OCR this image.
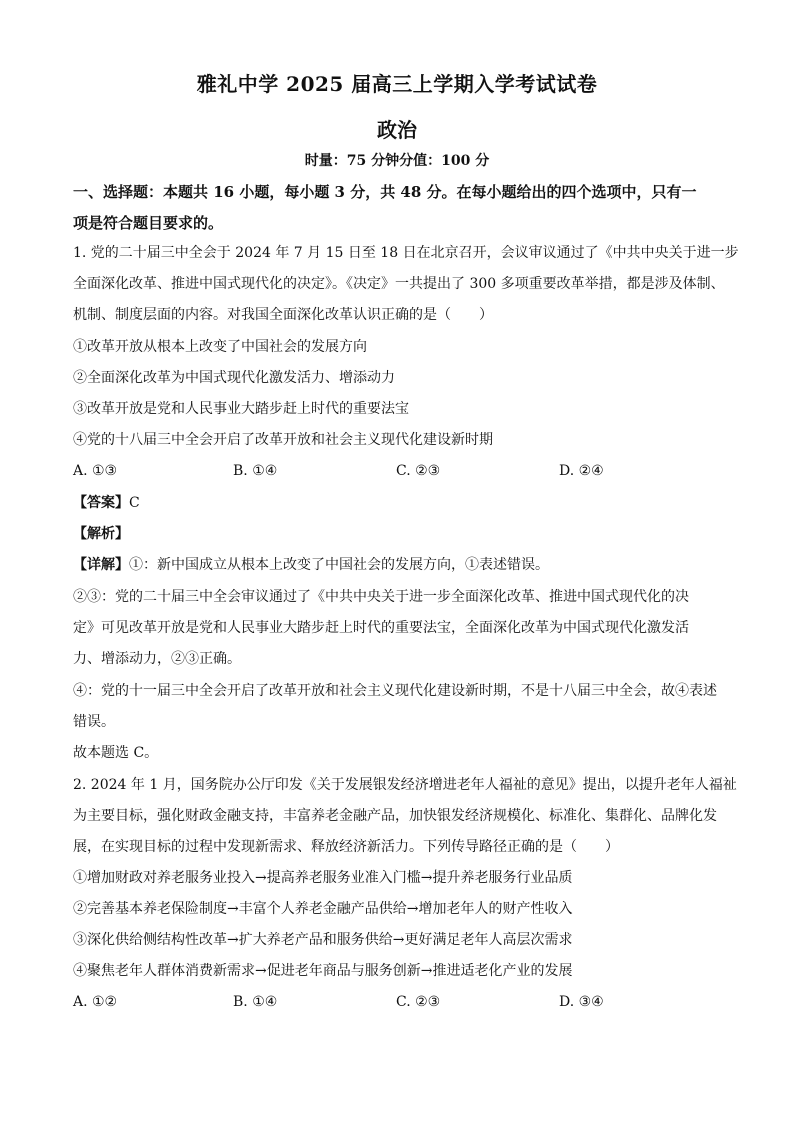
雅礼中学 2025 届高三上学期入学考试试卷
政治
时量：75 分钟分值：100 分
一、选择题：本题共 16 小题，每小题 3 分，共 48 分。在每小题给出的四个选项中，只有一
项是符合题目要求的。
1. 党的二十届三中全会于 2024 年 7 月 15 日至 18 日在北京召开，会议审议通过了《中共中央关于进一步
全面深化改革、推进中国式现代化的决定》。《决定》一共提出了 300 多项重要改革举措，都是涉及体制、
机制、制度层面的内容。对我国全面深化改革认识正确的是（　　）
①改革开放从根本上改变了中国社会的发展方向
②全面深化改革为中国式现代化激发活力、增添动力
③改革开放是党和人民事业大踏步赶上时代的重要法宝
④党的十八届三中全会开启了改革开放和社会主义现代化建设新时期
A. ①③	B. ①④	C. ②③	D. ②④
【答案】C
【解析】
【详解】①：新中国成立从根本上改变了中国社会的发展方向，①表述错误。
②③：党的二十届三中全会审议通过了《中共中央关于进一步全面深化改革、推进中国式现代化的决
定》可见改革开放是党和人民事业大踏步赶上时代的重要法宝，全面深化改革为中国式现代化激发活
力、增添动力，②③正确。
④：党的十一届三中全会开启了改革开放和社会主义现代化建设新时期，不是十八届三中全会，故④表述
错误。
故本题选 C。
2. 2024 年 1 月，国务院办公厅印发《关于发展银发经济增进老年人福祉的意见》提出，以提升老年人福祉
为主要目标，强化财政金融支持，丰富养老金融产品，加快银发经济规模化、标准化、集群化、品牌化发
展，在实现目标的过程中发现新需求、释放经济新活力。下列传导路径正确的是（　　）
①增加财政对养老服务业投入→提高养老服务业准入门槛→提升养老服务行业品质
②完善基本养老保险制度→丰富个人养老金融产品供给→增加老年人的财产性收入
③深化供给侧结构性改革→扩大养老产品和服务供给→更好满足老年人高层次需求
④聚焦老年人群体消费新需求→促进老年商品与服务创新→推进适老化产业的发展
A. ①②	B. ①④	C. ②③	D. ③④
